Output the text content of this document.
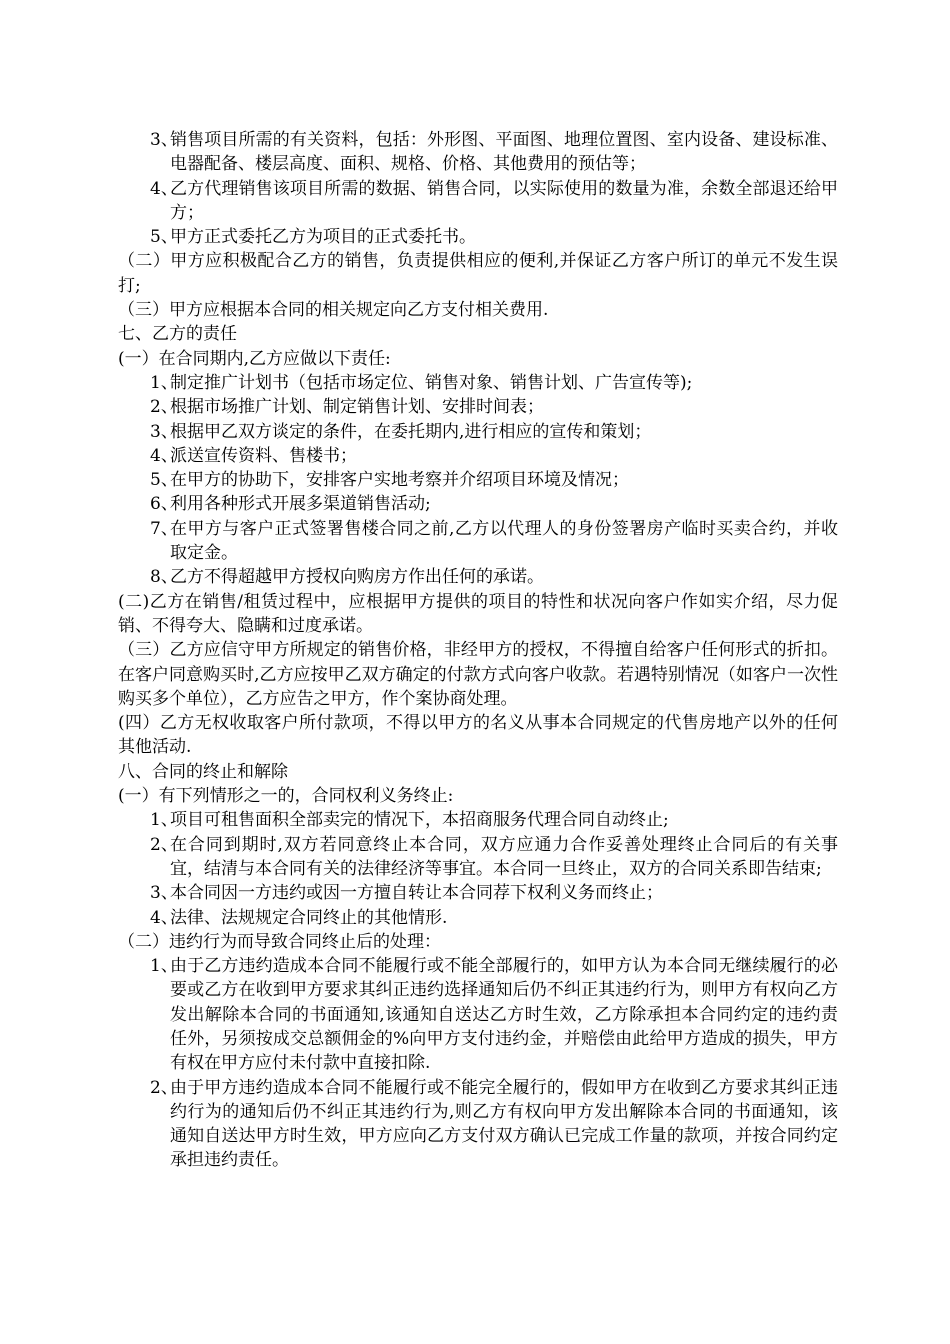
3、
销售项目所需的有关资料，包括：外形图、平面图、地理位置图、室内设备、建设标准、电器配备、楼层高度、面积、规格、价格、其他费用的预估等；
4、
乙方代理销售该项目所需的数据、销售合同，以实际使用的数量为准，余数全部退还给甲方；
5、
甲方正式委托乙方为项目的正式委托书。

（二）甲方应积极配合乙方的销售，负责提供相应的便利,并保证乙方客户所订的单元不发生误打;

（三）甲方应根据本合同的相关规定向乙方支付相关费用.

七、乙方的责任

(一）在合同期内,乙方应做以下责任:

1、
制定推广计划书（包括市场定位、销售对象、销售计划、广告宣传等);
2、
根据市场推广计划、制定销售计划、安排时间表；
3、
根据甲乙双方谈定的条件，在委托期内,进行相应的宣传和策划；
4、
派送宣传资料、售楼书；
5、
在甲方的协助下，安排客户实地考察并介绍项目环境及情况；
6、
利用各种形式开展多渠道销售活动;
7、
在甲方与客户正式签署售楼合同之前,乙方以代理人的身份签署房产临时买卖合约，并收取定金。
8、
乙方不得超越甲方授权向购房方作出任何的承诺。

(二)乙方在销售/租赁过程中，应根据甲方提供的项目的特性和状况向客户作如实介绍，尽力促销、不得夸大、隐瞒和过度承诺。

（三）乙方应信守甲方所规定的销售价格，非经甲方的授权，不得擅自给客户任何形式的折扣。在客户同意购买时,乙方应按甲乙双方确定的付款方式向客户收款。若遇特别情况（如客户一次性购买多个单位），乙方应告之甲方，作个案协商处理。

(四）乙方无权收取客户所付款项，不得以甲方的名义从事本合同规定的代售房地产以外的任何其他活动.

八、合同的终止和解除

(一）有下列情形之一的，合同权利义务终止:

1、
项目可租售面积全部卖完的情况下，本招商服务代理合同自动终止;
2、
在合同到期时,双方若同意终止本合同，双方应通力合作妥善处理终止合同后的有关事宜，结清与本合同有关的法律经济等事宜。本合同一旦终止，双方的合同关系即告结束;
3、
本合同因一方违约或因一方擅自转让本合同荐下权利义务而终止；
4、
法律、法规规定合同终止的其他情形.

（二）违约行为而导致合同终止后的处理：

1、
由于乙方违约造成本合同不能履行或不能全部履行的，如甲方认为本合同无继续履行的必要或乙方在收到甲方要求其纠正违约选择通知后仍不纠正其违约行为，则甲方有权向乙方发出解除本合同的书面通知,该通知自送达乙方时生效，乙方除承担本合同约定的违约责任外，另须按成交总额佣金的%向甲方支付违约金，并赔偿由此给甲方造成的损失，甲方有权在甲方应付未付款中直接扣除.
2、
由于甲方违约造成本合同不能履行或不能完全履行的，假如甲方在收到乙方要求其纠正违约行为的通知后仍不纠正其违约行为,则乙方有权向甲方发出解除本合同的书面通知，该通知自送达甲方时生效，甲方应向乙方支付双方确认已完成工作量的款项，并按合同约定承担违约责任。
